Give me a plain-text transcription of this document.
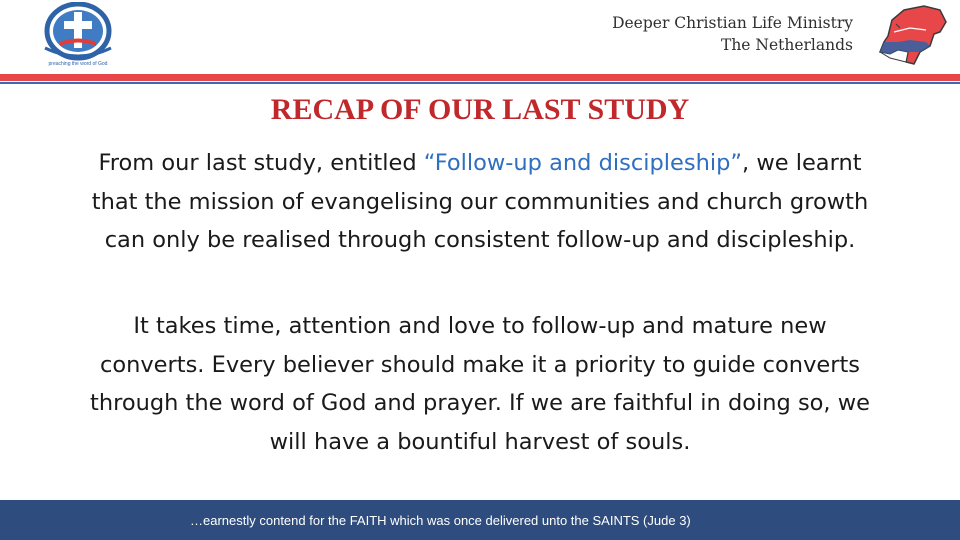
preaching the word of God
Deeper Christian Life Ministry
The Netherlands
RECAP OF OUR LAST STUDY
From our last study, entitled “Follow-up and discipleship”, we learnt that the mission of evangelising our communities and church growth can only be realised through consistent follow-up and discipleship.
It takes time, attention and love to follow-up and mature new converts. Every believer should make it a priority to guide converts through the word of God and prayer. If we are faithful in doing so, we will have a bountiful harvest of souls.
…earnestly contend for the FAITH which was once delivered unto the SAINTS (Jude 3)
